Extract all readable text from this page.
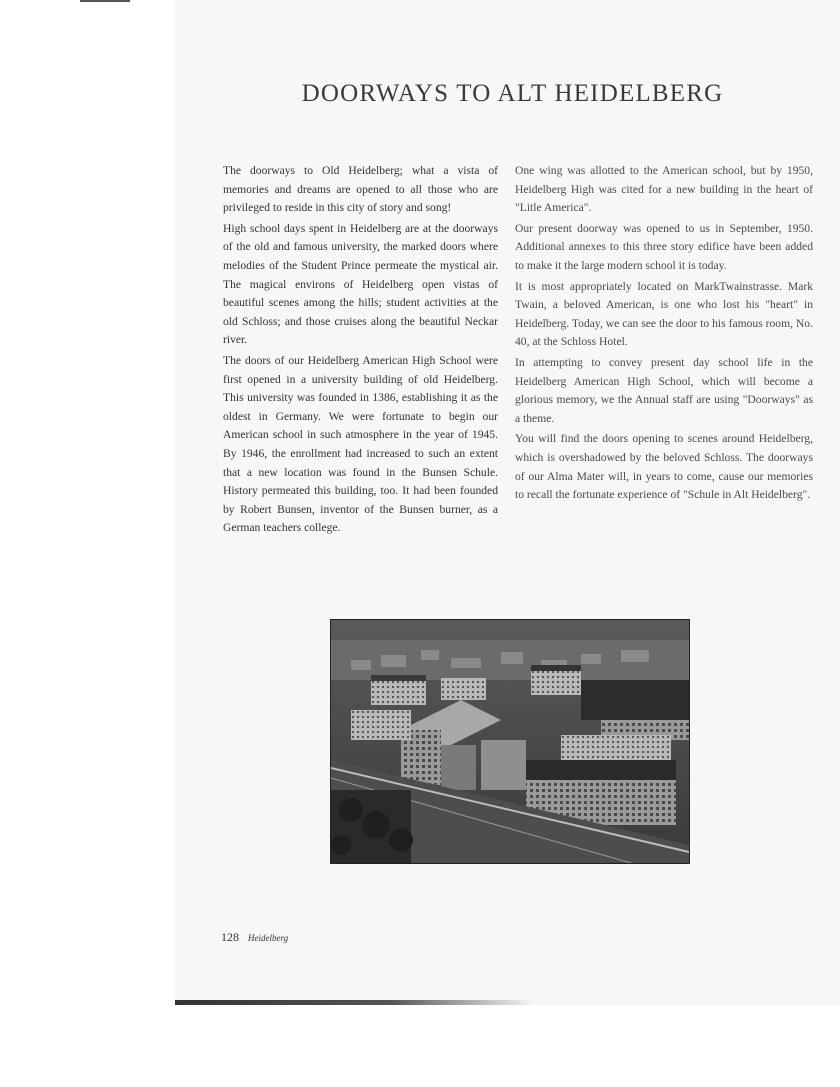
DOORWAYS TO ALT HEIDELBERG

The doorways to Old Heidelberg; what a vista of memories and dreams are opened to all those who are privileged to reside in this city of story and song!

High school days spent in Heidelberg are at the doorways of the old and famous university, the marked doors where melodies of the Student Prince permeate the mystical air. The magical environs of Heidelberg open vistas of beautiful scenes among the hills; student activities at the old Schloss; and those cruises along the beautiful Neckar river.

The doors of our Heidelberg American High School were first opened in a university building of old Heidelberg. This university was founded in 1386, establishing it as the oldest in Germany. We were fortunate to begin our American school in such atmosphere in the year of 1945. By 1946, the enrollment had increased to such an extent that a new location was found in the Bunsen Schule. History permeated this building, too. It had been founded by Robert Bunsen, inventor of the Bunsen burner, as a German teachers college.

One wing was allotted to the American school, but by 1950, Heidelberg High was cited for a new building in the heart of "Litle America".

Our present doorway was opened to us in September, 1950. Additional annexes to this three story edifice have been added to make it the large modern school it is today.

It is most appropriately located on MarkTwainstrasse. Mark Twain, a beloved American, is one who lost his "heart" in Heidelberg. Today, we can see the door to his famous room, No. 40, at the Schloss Hotel.

In attempting to convey present day school life in the Heidelberg American High School, which will become a glorious memory, we the Annual staff are using "Doorways" as a theme.

You will find the doors opening to scenes around Heidelberg, which is overshadowed by the beloved Schloss. The doorways of our Alma Mater will, in years to come, cause our memories to recall the fortunate experience of "Schule in Alt Heidelberg".

128 Heidelberg
